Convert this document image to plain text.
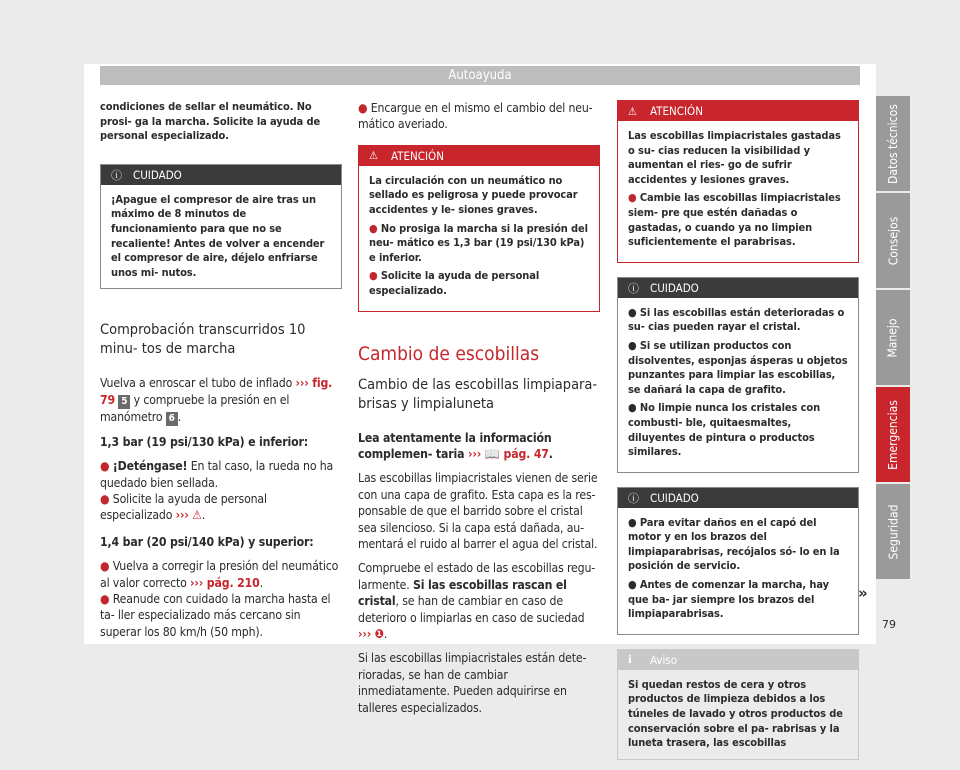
Autoayuda
condiciones de sellar el neumático. No prosi- ga la marcha. Solicite la ayuda de personal especializado.
ⓘ CUIDADO
¡Apague el compresor de aire tras un máximo de 8 minutos de funcionamiento para que no se recaliente! Antes de volver a encender el compresor de aire, déjelo enfriarse unos mi- nutos.
Comprobación transcurridos 10 minu- tos de marcha

Vuelva a enroscar el tubo de inflado ››› fig. 79 5 y compruebe la presión en el manómetro 6 .

1,3 bar (19 psi/130 kPa) e inferior:

● ¡Deténgase! En tal caso, la rueda no ha quedado bien sellada.
● Solicite la ayuda de personal especializado ››› ⚠.

1,4 bar (20 psi/140 kPa) y superior:

● Vuelva a corregir la presión del neumático al valor correcto ››› pág. 210.
● Reanude con cuidado la marcha hasta el ta- ller especializado más cercano sin superar los 80 km/h (50 mph).
● Encargue en el mismo el cambio del neu- mático averiado.
⚠	ATENCIÓN
La circulación con un neumático no sellado es peligrosa y puede provocar accidentes y le- siones graves.
● No prosiga la marcha si la presión del neu- mático es 1,3 bar (19 psi/130 kPa) e inferior.
● Solicite la ayuda de personal especializado.
Cambio de escobillas
Cambio de las escobillas limpiapara- brisas y limpialuneta

Lea atentamente la información complemen- taria ››› 📖 pág. 47.

Las escobillas limpiacristales vienen de serie con una capa de grafito. Esta capa es la res- ponsable de que el barrido sobre el cristal sea silencioso. Si la capa está dañada, au- mentará el ruido al barrer el agua del cristal.

Compruebe el estado de las escobillas regu- larmente. Si las escobillas rascan el cristal, se han de cambiar en caso de deterioro o limpiarlas en caso de suciedad ››› ❶.

Si las escobillas limpiacristales están dete- rioradas, se han de cambiar inmediatamente. Pueden adquirirse en talleres especializados.

⚠	ATENCIÓN
Las escobillas limpiacristales gastadas o su- cias reducen la visibilidad y aumentan el ries- go de sufrir accidentes y lesiones graves.
● Cambie las escobillas limpiacristales siem- pre que estén dañadas o gastadas, o cuando ya no limpien suficientemente el parabrisas.
ⓘ CUIDADO
● Si las escobillas están deterioradas o su- cias pueden rayar el cristal.
● Si se utilizan productos con disolventes, esponjas ásperas u objetos punzantes para limpiar las escobillas, se dañará la capa de grafito.
● No limpie nunca los cristales con combusti- ble, quitaesmaltes, diluyentes de pintura o productos similares.
ⓘ CUIDADO
● Para evitar daños en el capó del motor y en los brazos del limpiaparabrisas, recójalos só- lo en la posición de servicio.
● Antes de comenzar la marcha, hay que ba- jar siempre los brazos del limpiaparabrisas.
ℹ	Aviso
Si quedan restos de cera y otros productos de limpieza debidos a los túneles de lavado y otros productos de conservación sobre el pa- rabrisas y la luneta trasera, las escobillas
Datos técnicos
Consejos
Manejo
Emergencias
Seguridad
»
79
